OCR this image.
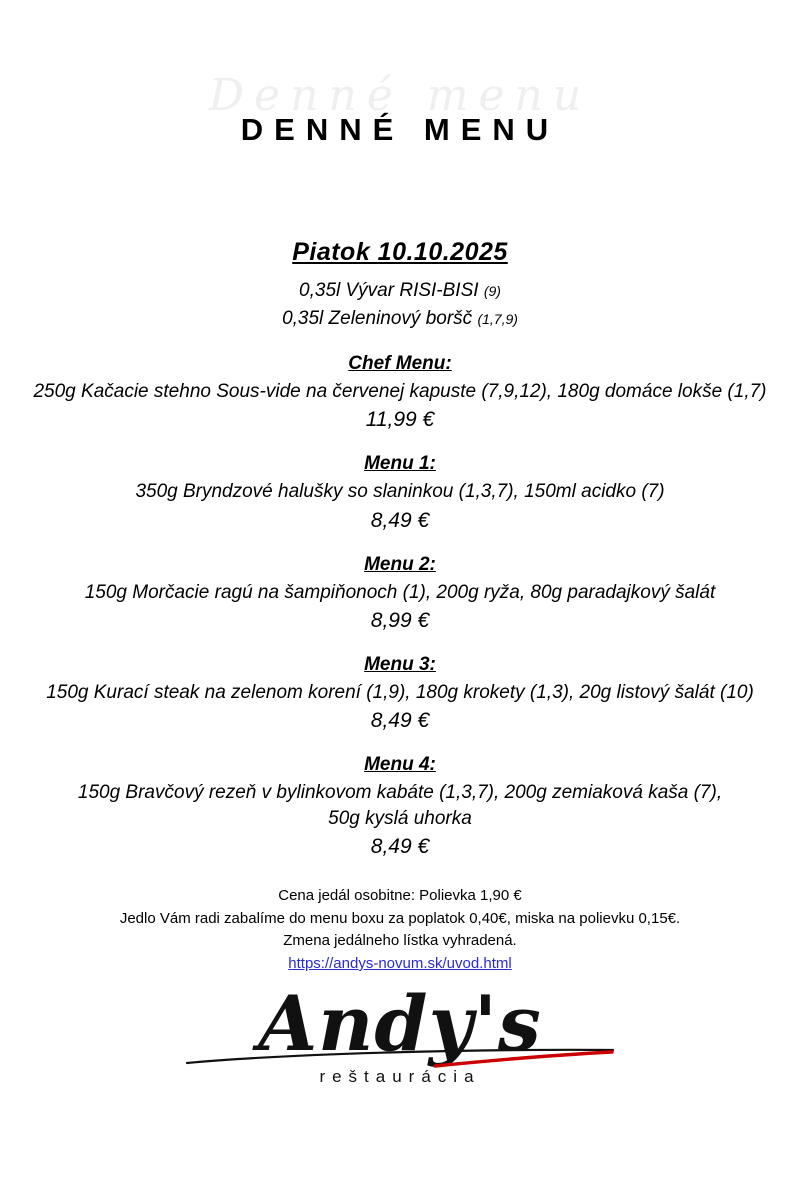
Denné menu
DENNÉ MENU
Piatok 10.10.2025
0,35l Vývar RISI-BISI (9)
0,35l Zeleninový boršč (1,7,9)
Chef Menu:
250g Kačacie stehno Sous-vide na červenej kapuste (7,9,12), 180g domáce lokše (1,7)
11,99 €
Menu 1:
350g Bryndzové halušky so slaninkou (1,3,7), 150ml acidko (7)
8,49 €
Menu 2:
150g Morčacie ragú na šampiňonoch (1), 200g ryža, 80g paradajkový šalát
8,99 €
Menu 3:
150g Kurací steak na zelenom korení (1,9), 180g krokety (1,3), 20g listový šalát (10)
8,49 €
Menu 4:
150g Bravčový rezeň v bylinkovom kabáte (1,3,7), 200g zemiaková kaša (7),
50g kyslá uhorka
8,49 €
Cena jedál osobitne: Polievka 1,90 €
Jedlo Vám radi zabalíme do menu boxu za poplatok 0,40€, miska na polievku 0,15€.
Zmena jedálneho lístka vyhradená.
https://andys-novum.sk/uvod.html
Andy's
reštaurácia
